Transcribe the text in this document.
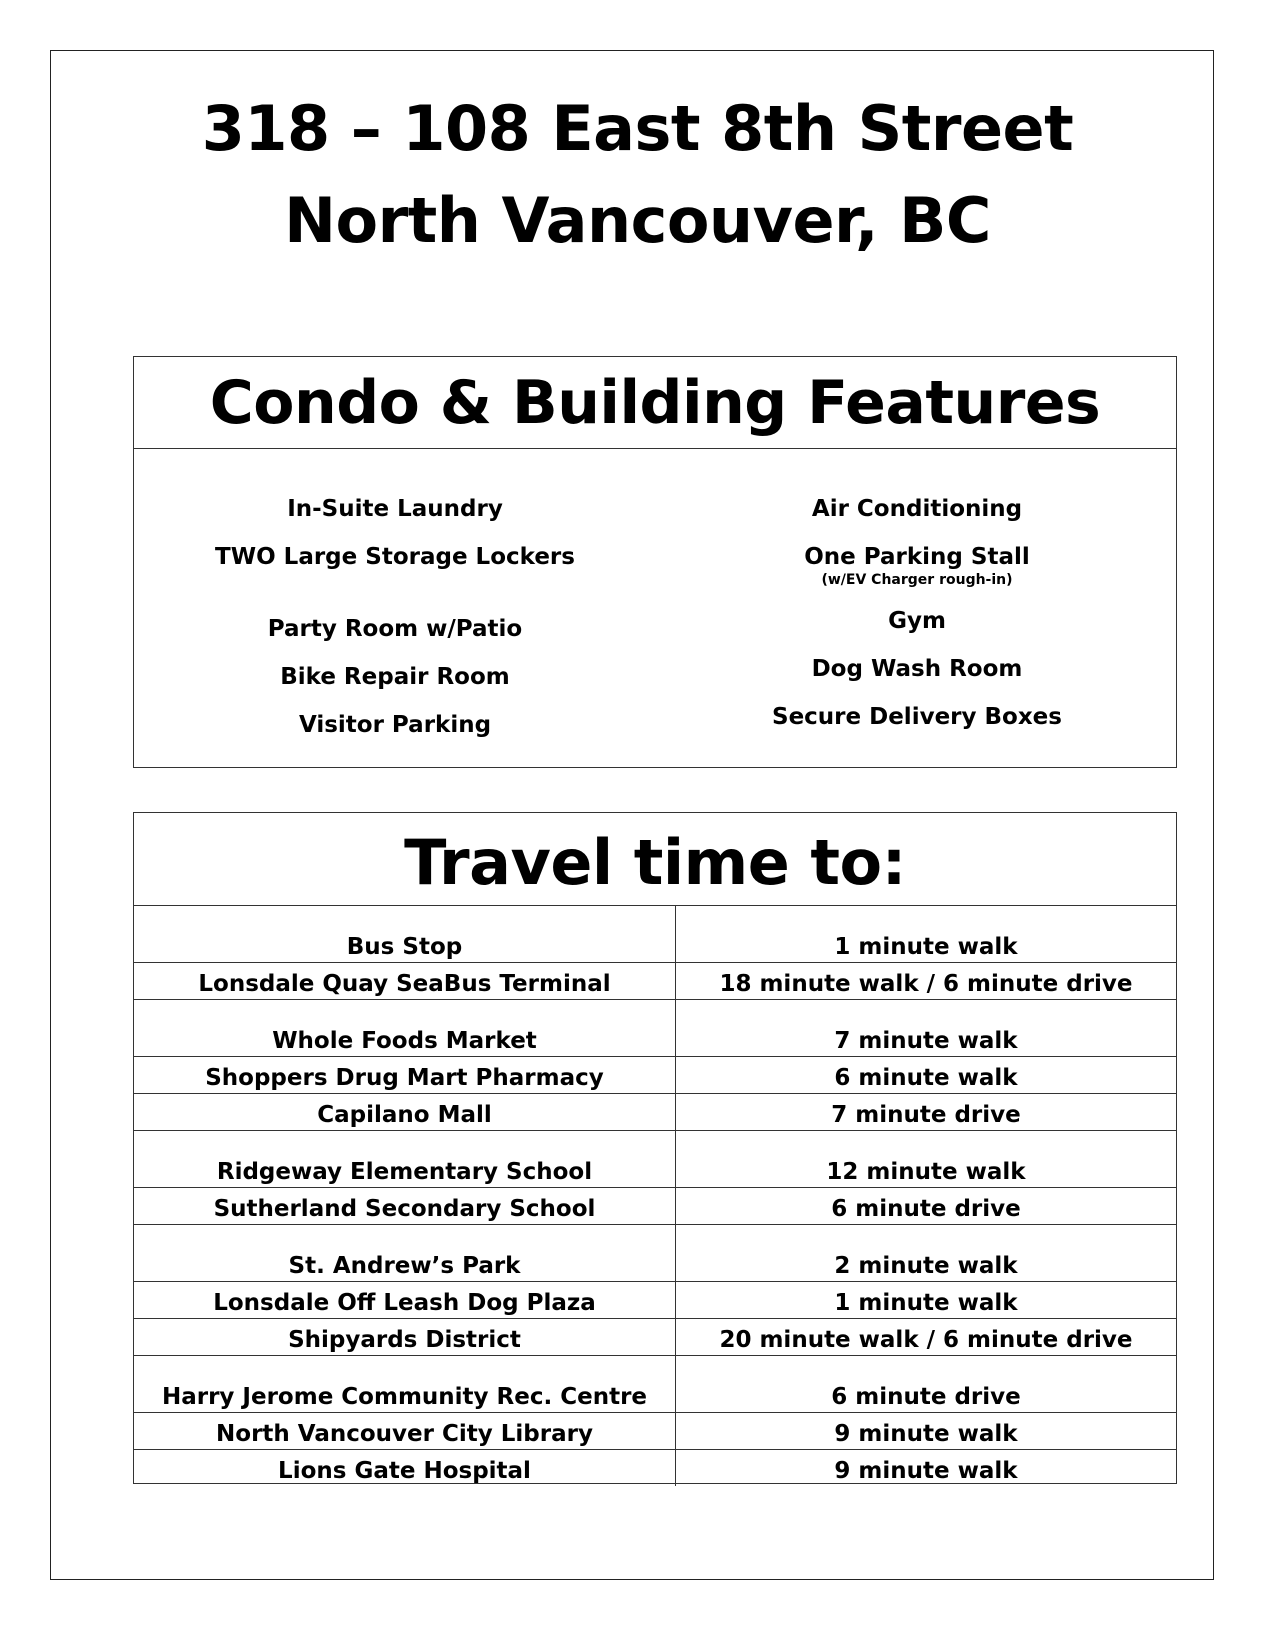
318 – 108 East 8th Street
North Vancouver, BC
Condo & Building Features
In-Suite Laundry
TWO Large Storage Lockers
Party Room w/Patio
Bike Repair Room
Visitor Parking
Air Conditioning
One Parking Stall
(w/EV Charger rough-in)
Gym
Dog Wash Room
Secure Delivery Boxes
Travel time to:
Bus Stop	1 minute walk
Lonsdale Quay SeaBus Terminal	18 minute walk / 6 minute drive
Whole Foods Market	7 minute walk
Shoppers Drug Mart Pharmacy	6 minute walk
Capilano Mall	7 minute drive
Ridgeway Elementary School	12 minute walk
Sutherland Secondary School	6 minute drive
St. Andrew’s Park	2 minute walk
Lonsdale Off Leash Dog Plaza	1 minute walk
Shipyards District	20 minute walk / 6 minute drive
Harry Jerome Community Rec. Centre	6 minute drive
North Vancouver City Library	9 minute walk
Lions Gate Hospital	9 minute walk
